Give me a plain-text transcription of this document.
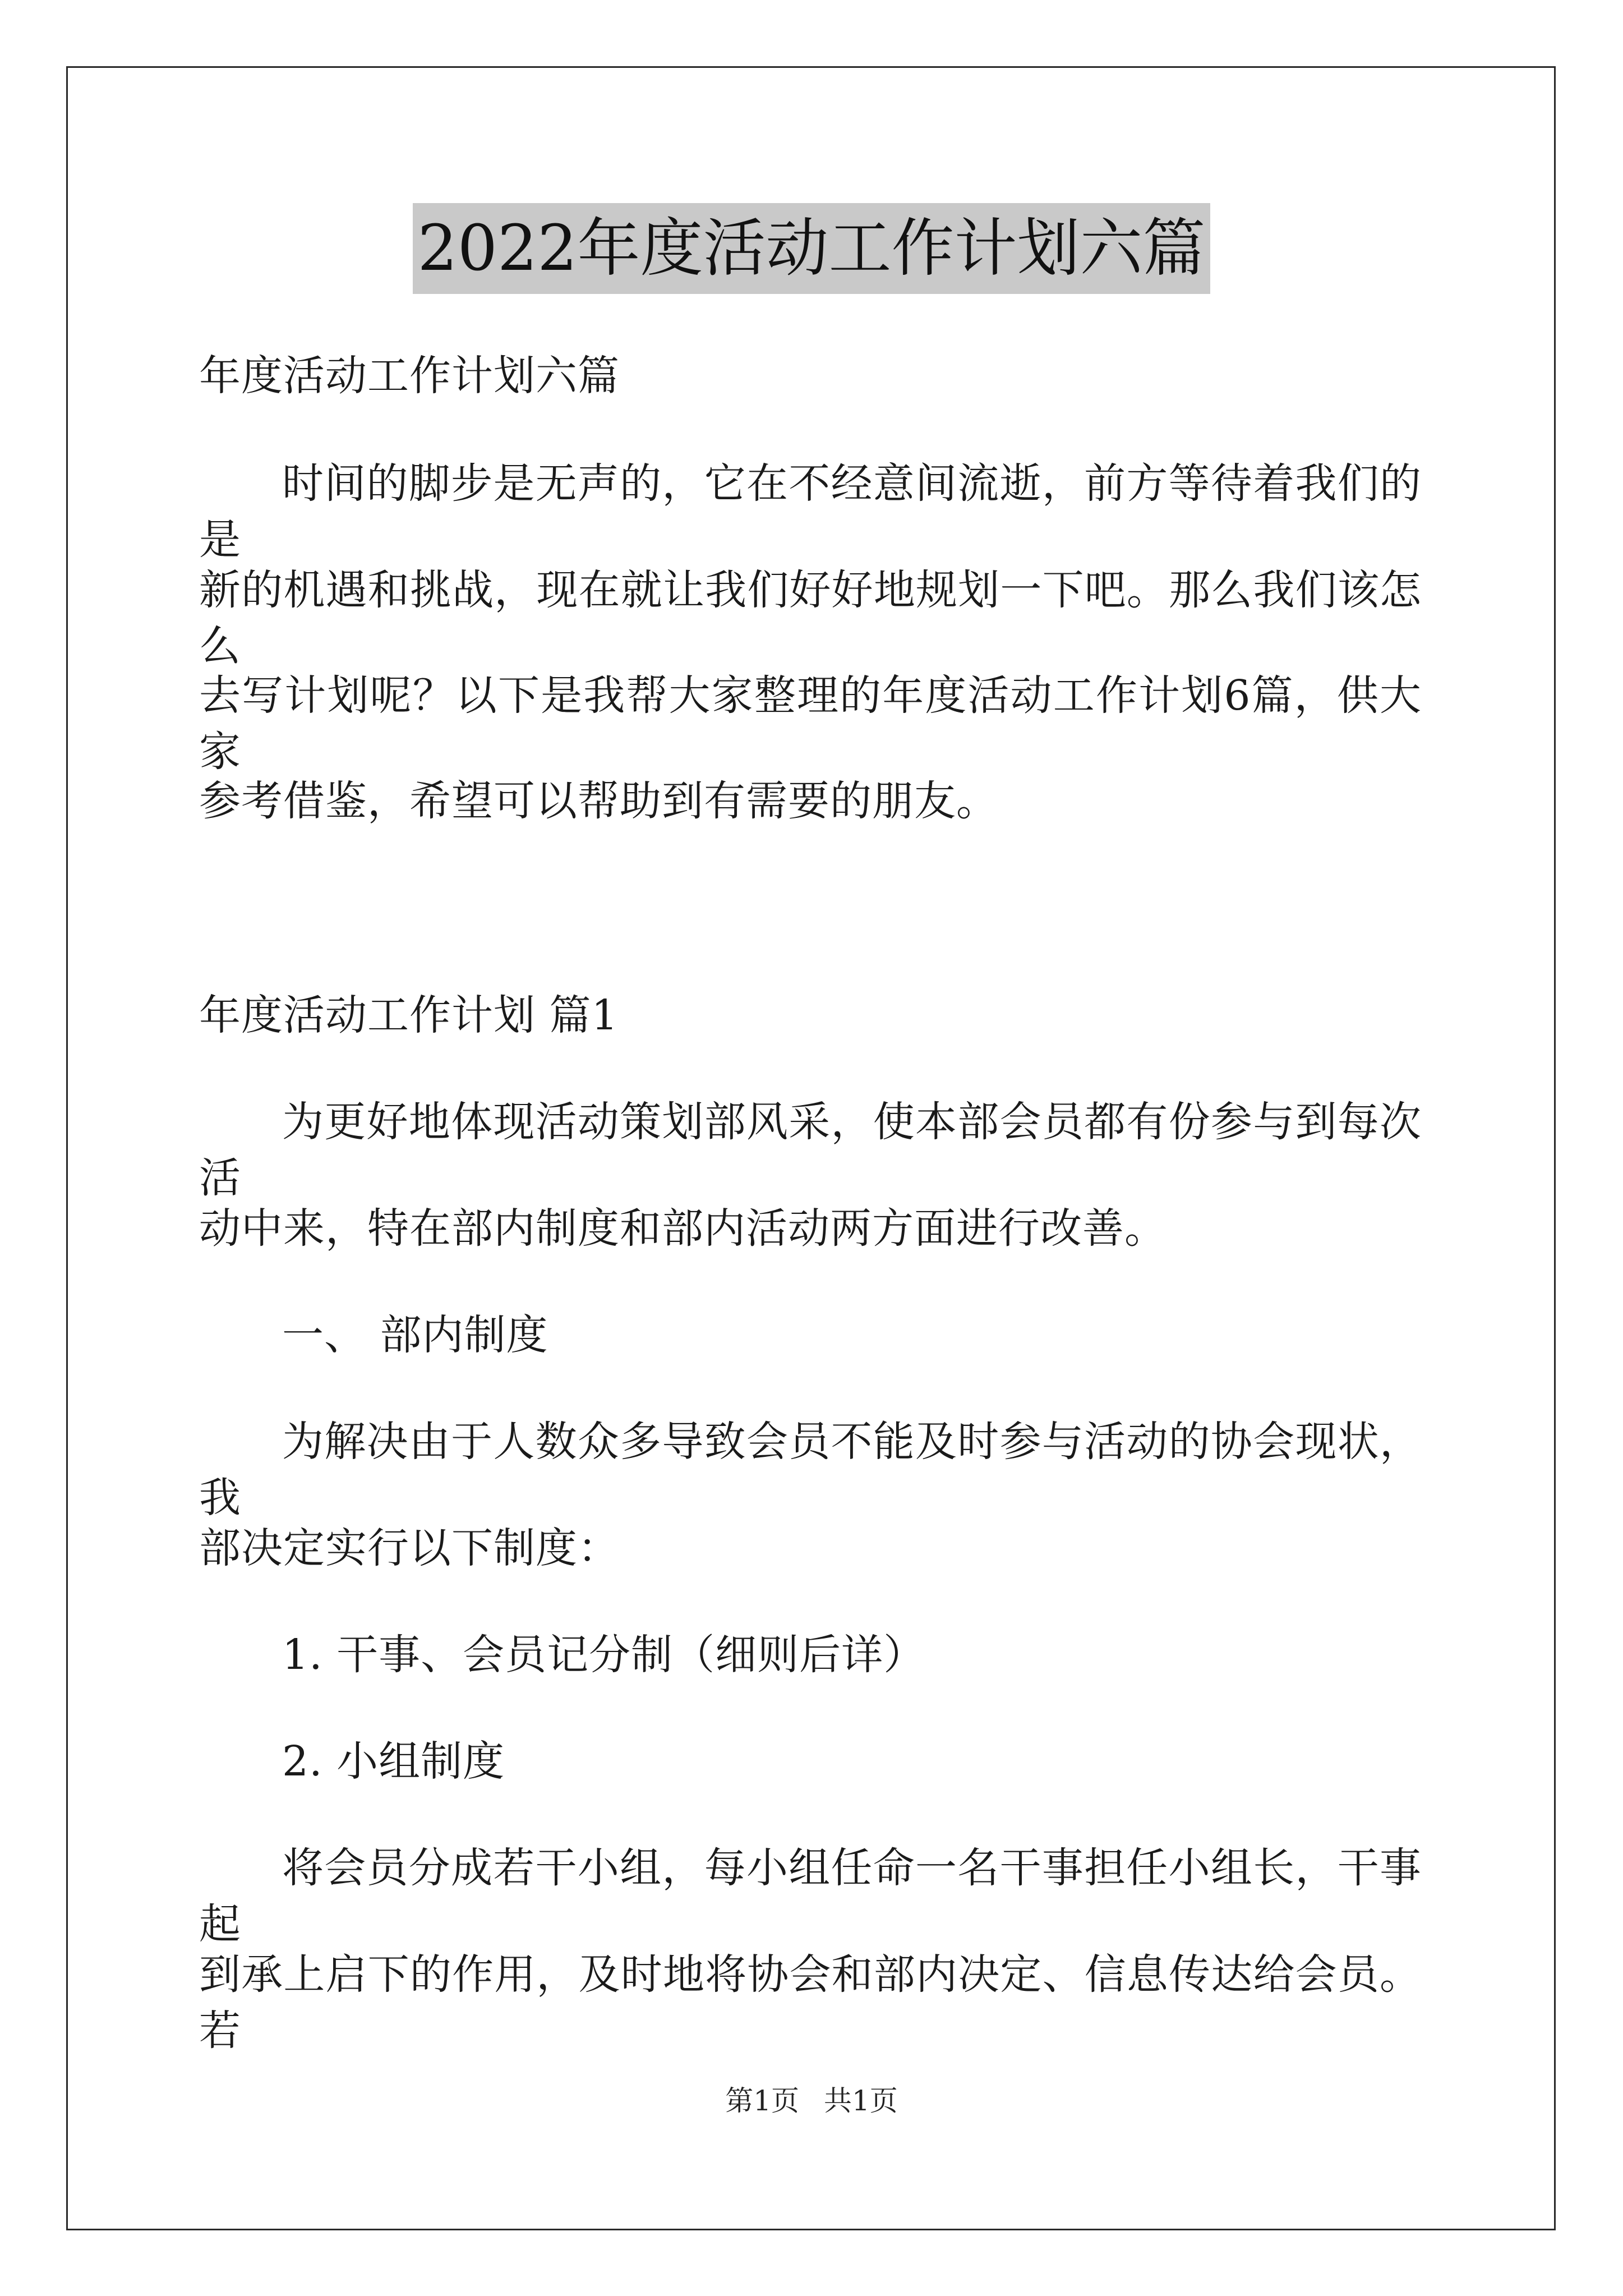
2022年度活动工作计划六篇
年度活动工作计划六篇
时间的脚步是无声的，它在不经意间流逝，前方等待着我们的是
新的机遇和挑战，现在就让我们好好地规划一下吧。那么我们该怎么
去写计划呢？以下是我帮大家整理的年度活动工作计划6篇，供大家
参考借鉴，希望可以帮助到有需要的朋友。
年度活动工作计划 篇1
为更好地体现活动策划部风采，使本部会员都有份参与到每次活
动中来，特在部内制度和部内活动两方面进行改善。
一、 部内制度
为解决由于人数众多导致会员不能及时参与活动的协会现状，我
部决定实行以下制度：
1. 干事、会员记分制（细则后详）
2. 小组制度
将会员分成若干小组，每小组任命一名干事担任小组长，干事起
到承上启下的作用，及时地将协会和部内决定、信息传达给会员。若
第1页 共1页
